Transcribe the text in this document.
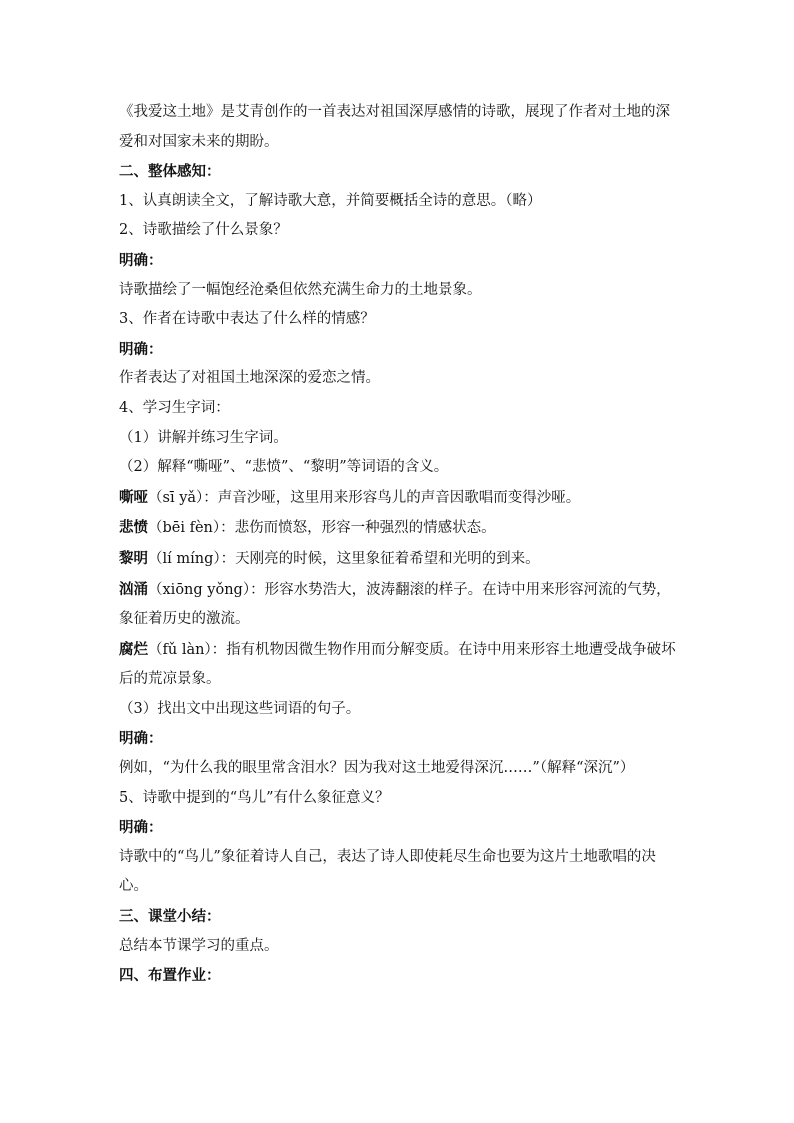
《我爱这土地》是艾青创作的一首表达对祖国深厚感情的诗歌，展现了作者对土地的深爱和对国家未来的期盼。

二、整体感知：

1、认真朗读全文，了解诗歌大意，并简要概括全诗的意思。（略）

2、诗歌描绘了什么景象？

明确：

诗歌描绘了一幅饱经沧桑但依然充满生命力的土地景象。

3、作者在诗歌中表达了什么样的情感？

明确：

作者表达了对祖国土地深深的爱恋之情。

4、学习生字词：

（1）讲解并练习生字词。

（2）解释“嘶哑”、“悲愤”、“黎明”等词语的含义。

嘶哑（sī yǎ）：声音沙哑，这里用来形容鸟儿的声音因歌唱而变得沙哑。

悲愤（bēi fèn）：悲伤而愤怒，形容一种强烈的情感状态。

黎明（lí míng）：天刚亮的时候，这里象征着希望和光明的到来。

汹涌（xiōng yǒng）：形容水势浩大，波涛翻滚的样子。在诗中用来形容河流的气势，象征着历史的激流。

腐烂（fǔ làn）：指有机物因微生物作用而分解变质。在诗中用来形容土地遭受战争破坏后的荒凉景象。

（3）找出文中出现这些词语的句子。

明确：

例如，“为什么我的眼里常含泪水？因为我对这土地爱得深沉……”（解释“深沉”）

5、诗歌中提到的“鸟儿”有什么象征意义？

明确：

诗歌中的“鸟儿”象征着诗人自己，表达了诗人即使耗尽生命也要为这片土地歌唱的决心。

三、课堂小结：

总结本节课学习的重点。

四、布置作业：
